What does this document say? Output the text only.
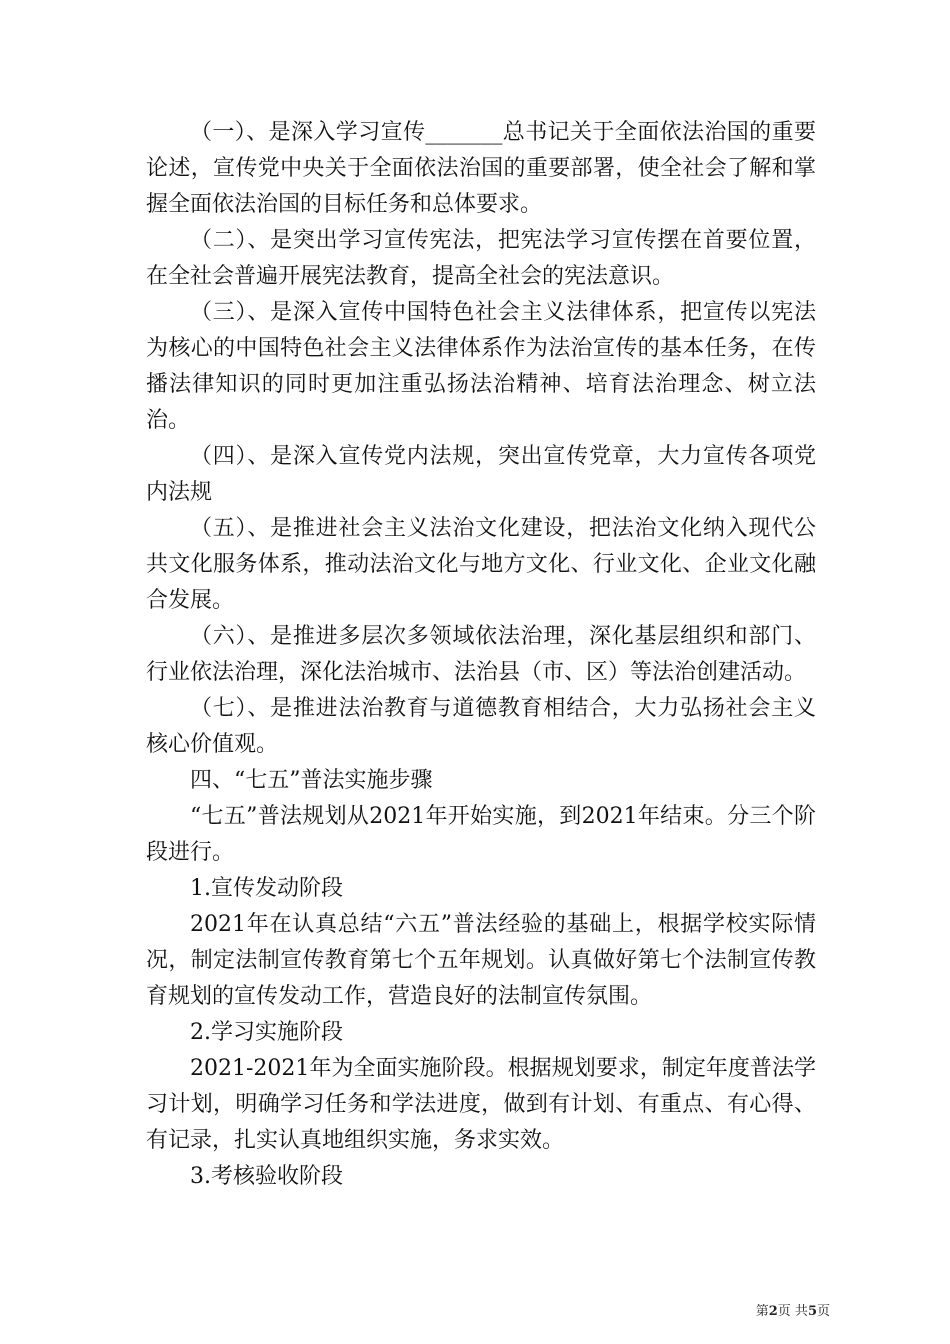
（一）、是深入学习宣传_______总书记关于全面依法治国的重要论述，宣传党中央关于全面依法治国的重要部署，使全社会了解和掌握全面依法治国的目标任务和总体要求。

（二）、是突出学习宣传宪法，把宪法学习宣传摆在首要位置，在全社会普遍开展宪法教育，提高全社会的宪法意识。

（三）、是深入宣传中国特色社会主义法律体系，把宣传以宪法为核心的中国特色社会主义法律体系作为法治宣传的基本任务，在传播法律知识的同时更加注重弘扬法治精神、培育法治理念、树立法治。

（四）、是深入宣传党内法规，突出宣传党章，大力宣传各项党内法规

（五）、是推进社会主义法治文化建设，把法治文化纳入现代公共文化服务体系，推动法治文化与地方文化、行业文化、企业文化融合发展。

（六）、是推进多层次多领域依法治理，深化基层组织和部门、行业依法治理，深化法治城市、法治县（市、区）等法治创建活动。

（七）、是推进法治教育与道德教育相结合，大力弘扬社会主义核心价值观。

四、“七五”普法实施步骤

“七五”普法规划从2021年开始实施，到2021年结束。分三个阶段进行。

1.宣传发动阶段

2021年在认真总结“六五”普法经验的基础上，根据学校实际情况，制定法制宣传教育第七个五年规划。认真做好第七个法制宣传教育规划的宣传发动工作，营造良好的法制宣传氛围。

2.学习实施阶段

2021-2021年为全面实施阶段。根据规划要求，制定年度普法学习计划，明确学习任务和学法进度，做到有计划、有重点、有心得、有记录，扎实认真地组织实施，务求实效。

3.考核验收阶段

第2页 共5页
